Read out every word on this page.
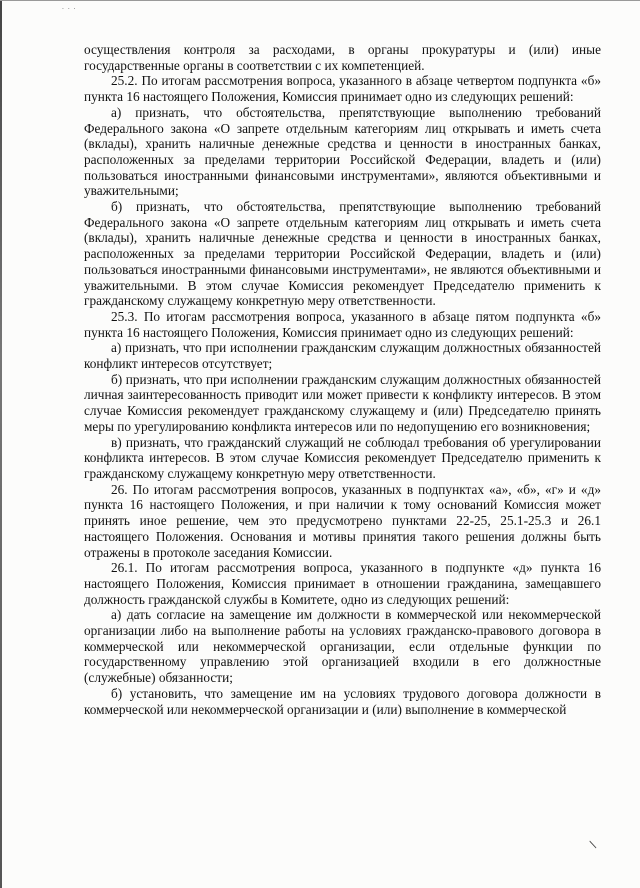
· · ·

осуществления контроля за расходами, в органы прокуратуры и (или) иные государственные органы в соответствии с их компетенцией.

25.2. По итогам рассмотрения вопроса, указанного в абзаце четвертом подпункта «б» пункта 16 настоящего Положения, Комиссия принимает одно из следующих решений:

а) признать, что обстоятельства, препятствующие выполнению требований Федерального закона «О запрете отдельным категориям лиц открывать и иметь счета (вклады), хранить наличные денежные средства и ценности в иностранных банках, расположенных за пределами территории Российской Федерации, владеть и (или) пользоваться иностранными финансовыми инструментами», являются объективными и уважительными;

б) признать, что обстоятельства, препятствующие выполнению требований Федерального закона «О запрете отдельным категориям лиц открывать и иметь счета (вклады), хранить наличные денежные средства и ценности в иностранных банках, расположенных за пределами территории Российской Федерации, владеть и (или) пользоваться иностранными финансовыми инструментами», не являются объективными и уважительными. В этом случае Комиссия рекомендует Председателю применить к гражданскому служащему конкретную меру ответственности.

25.3. По итогам рассмотрения вопроса, указанного в абзаце пятом подпункта «б» пункта 16 настоящего Положения, Комиссия принимает одно из следующих решений:

а) признать, что при исполнении гражданским служащим должностных обязанностей конфликт интересов отсутствует;

б) признать, что при исполнении гражданским служащим должностных обязанностей личная заинтересованность приводит или может привести к конфликту интересов. В этом случае Комиссия рекомендует гражданскому служащему и (или) Председателю принять меры по урегулированию конфликта интересов или по недопущению его возникновения;

в) признать, что гражданский служащий не соблюдал требования об урегулировании конфликта интересов. В этом случае Комиссия рекомендует Председателю применить к гражданскому служащему конкретную меру ответственности.

26. По итогам рассмотрения вопросов, указанных в подпунктах «а», «б», «г» и «д» пункта 16 настоящего Положения, и при наличии к тому оснований Комиссия может принять иное решение, чем это предусмотрено пунктами 22-25, 25.1-25.3 и 26.1 настоящего Положения. Основания и мотивы принятия такого решения должны быть отражены в протоколе заседания Комиссии.

26.1. По итогам рассмотрения вопроса, указанного в подпункте «д» пункта 16 настоящего Положения, Комиссия принимает в отношении гражданина, замещавшего должность гражданской службы в Комитете, одно из следующих решений:

а) дать согласие на замещение им должности в коммерческой или некоммерческой организации либо на выполнение работы на условиях гражданско-правового договора в коммерческой или некоммерческой организации, если отдельные функции по государственному управлению этой организацией входили в его должностные (служебные) обязанности;

б) установить, что замещение им на условиях трудового договора должности в коммерческой или некоммерческой организации и (или) выполнение в коммерческой

/
